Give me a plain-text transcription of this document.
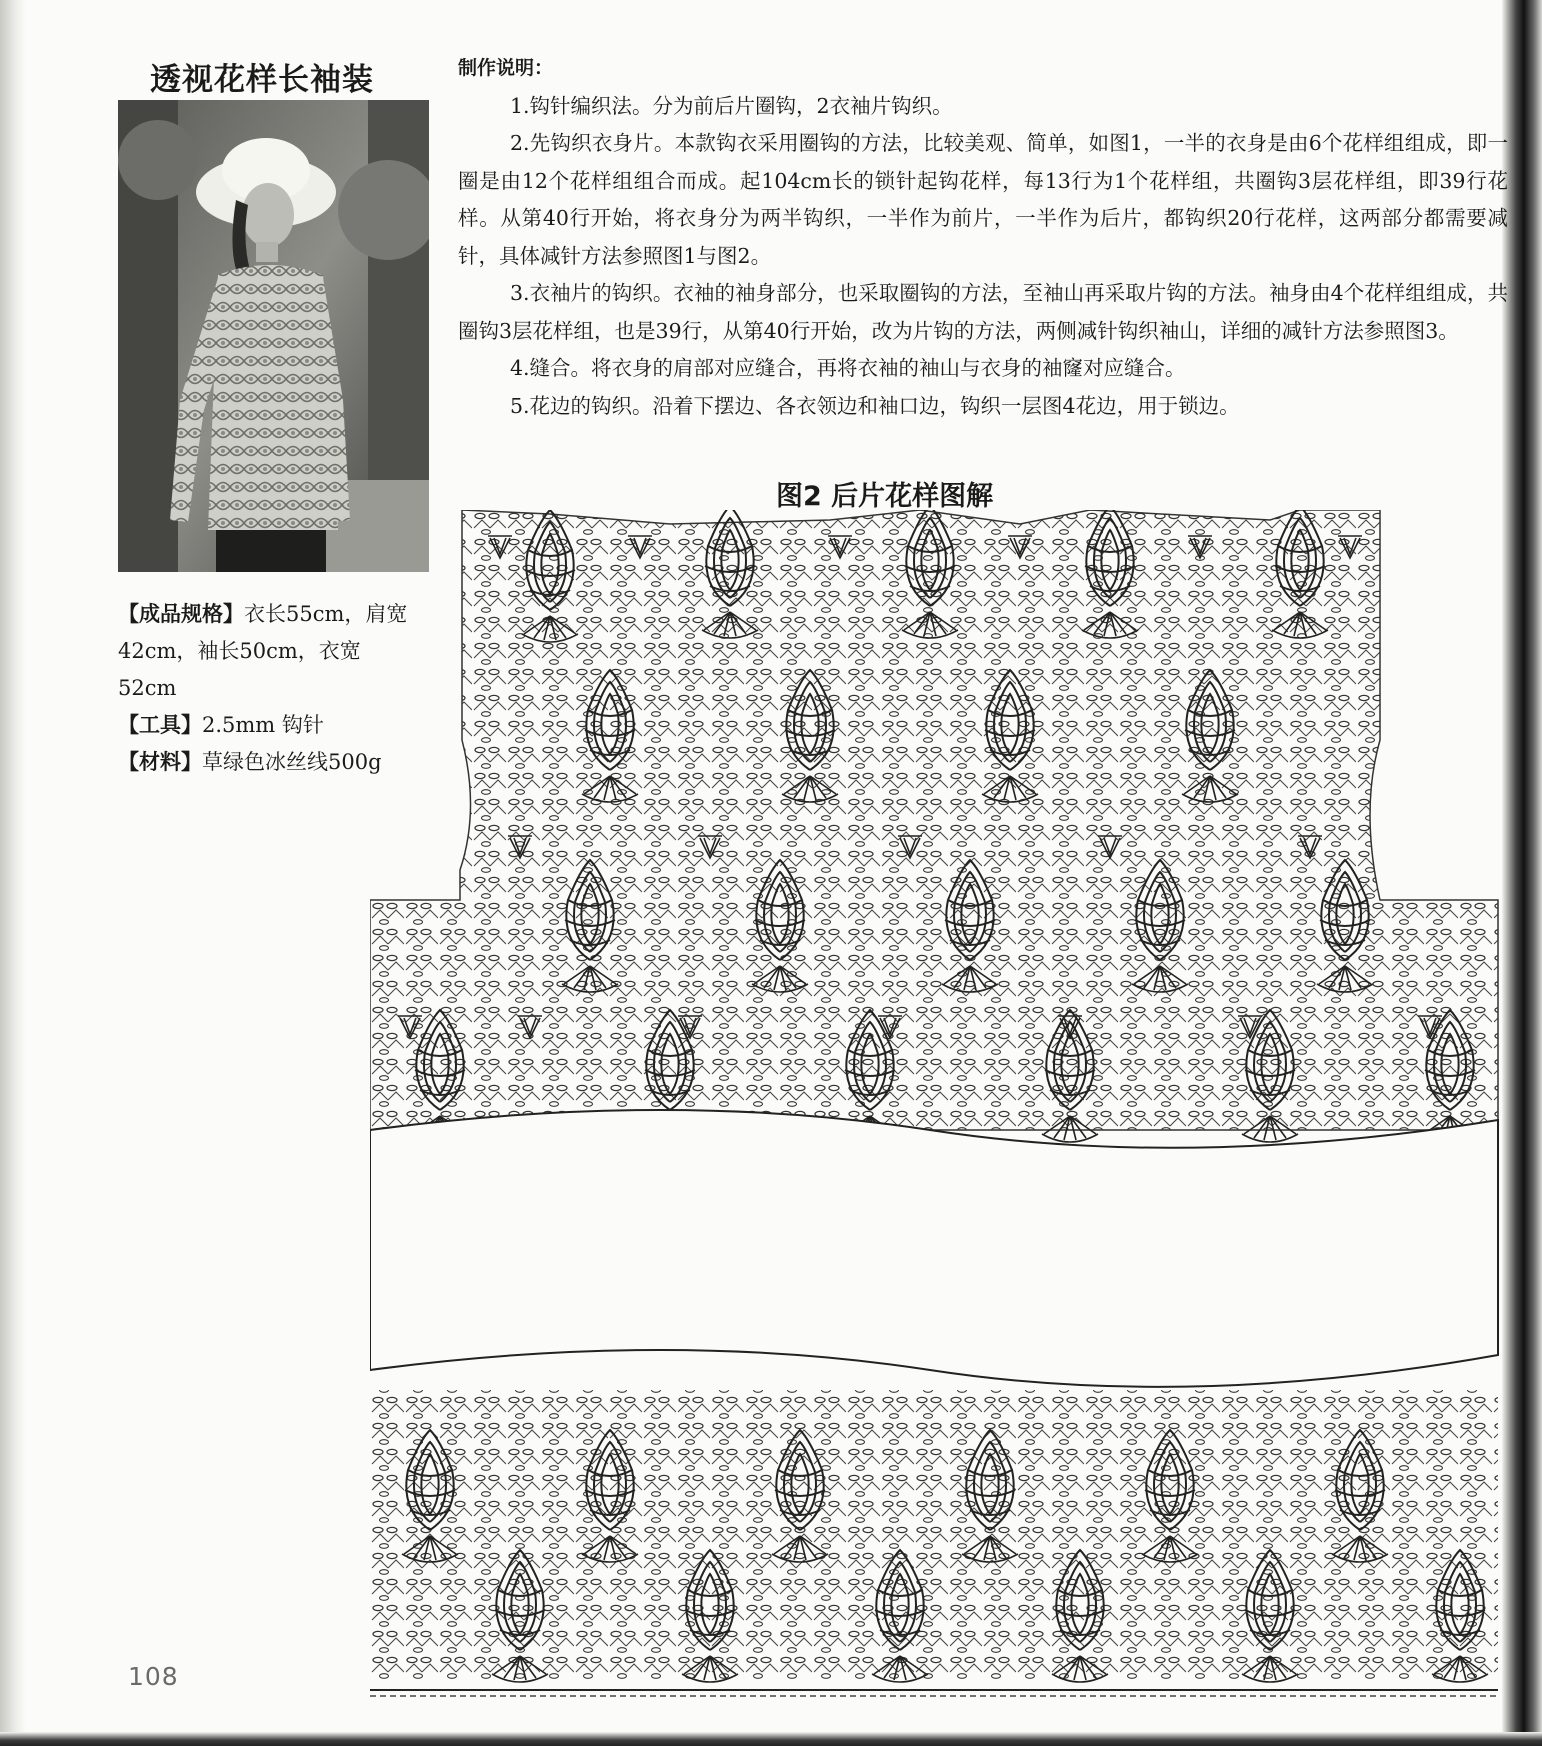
透视花样长袖装
【成品规格】衣长55cm，肩宽42cm，袖长50cm，衣宽52cm
【工具】2.5mm 钩针
【材料】草绿色冰丝线500g
制作说明：

1.钩针编织法。分为前后片圈钩，2衣袖片钩织。

2.先钩织衣身片。本款钩衣采用圈钩的方法，比较美观、简单，如图1，一半的衣身是由6个花样组组成，即一圈是由12个花样组组合而成。起104cm长的锁针起钩花样，每13行为1个花样组，共圈钩3层花样组，即39行花样。从第40行开始，将衣身分为两半钩织，一半作为前片，一半作为后片，都钩织20行花样，这两部分都需要减针，具体减针方法参照图1与图2。

3.衣袖片的钩织。衣袖的袖身部分，也采取圈钩的方法，至袖山再采取片钩的方法。袖身由4个花样组组成，共圈钩3层花样组，也是39行，从第40行开始，改为片钩的方法，两侧减针钩织袖山，详细的减针方法参照图3。

4.缝合。将衣身的肩部对应缝合，再将衣袖的袖山与衣身的袖窿对应缝合。

5.花边的钩织。沿着下摆边、各衣领边和袖口边，钩织一层图4花边，用于锁边。

图2 后片花样图解
108
